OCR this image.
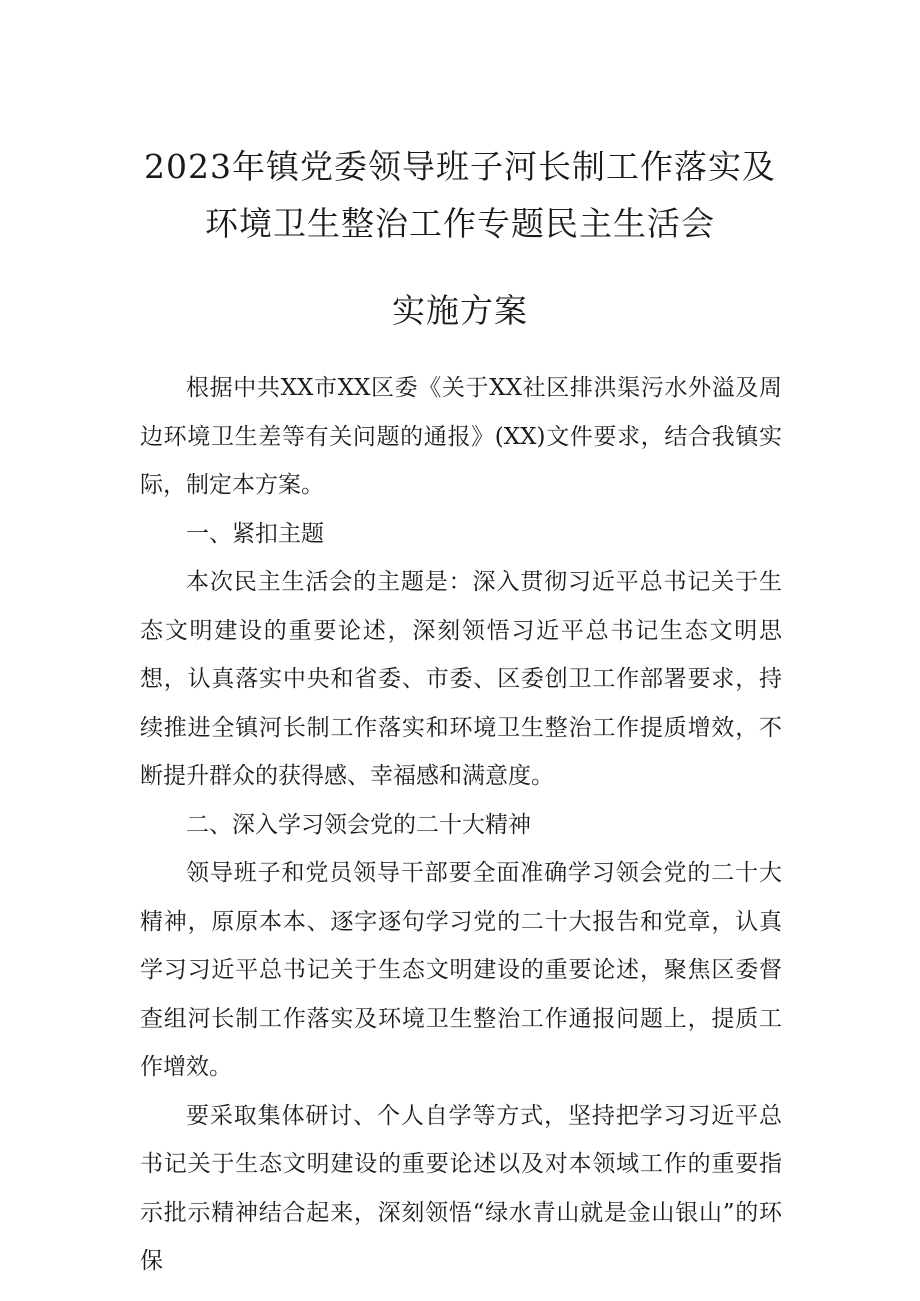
2023年镇党委领导班子河长制工作落实及
环境卫生整治工作专题民主生活会
实施方案

根据中共XX市XX区委《关于XX社区排洪渠污水外溢及周边环境卫生差等有关问题的通报》(XX)文件要求，结合我镇实际，制定本方案。

一、紧扣主题

本次民主生活会的主题是：深入贯彻习近平总书记关于生态文明建设的重要论述，深刻领悟习近平总书记生态文明思想，认真落实中央和省委、市委、区委创卫工作部署要求，持续推进全镇河长制工作落实和环境卫生整治工作提质增效，不断提升群众的获得感、幸福感和满意度。

二、深入学习领会党的二十大精神

领导班子和党员领导干部要全面准确学习领会党的二十大精神，原原本本、逐字逐句学习党的二十大报告和党章，认真学习习近平总书记关于生态文明建设的重要论述，聚焦区委督查组河长制工作落实及环境卫生整治工作通报问题上，提质工作增效。

要采取集体研讨、个人自学等方式，坚持把学习习近平总书记关于生态文明建设的重要论述以及对本领域工作的重要指示批示精神结合起来，深刻领悟“绿水青山就是金山银山”的环保
